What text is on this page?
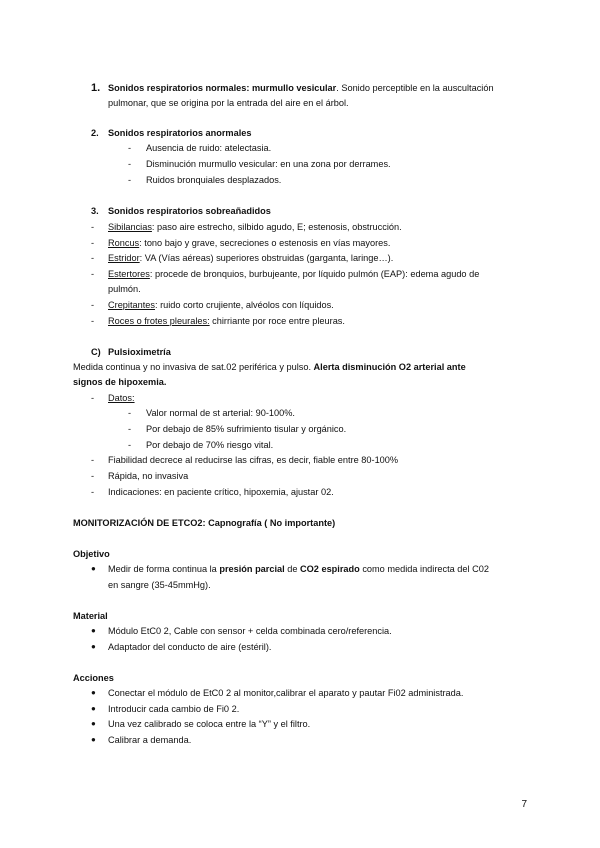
1. Sonidos respiratorios normales: murmullo vesicular. Sonido perceptible en la auscultación
pulmonar, que se origina por la entrada del aire en el árbol.
2. Sonidos respiratorios anormales
- Ausencia de ruido: atelectasia.
- Disminución murmullo vesicular: en una zona por derrames.
- Ruidos bronquiales desplazados.
3. Sonidos respiratorios sobreañadidos
- Sibilancias: paso aire estrecho, silbido agudo, E; estenosis, obstrucción.
- Roncus: tono bajo y grave, secreciones o estenosis en vías mayores.
- Estridor: VA (Vías aéreas) superiores obstruidas (garganta, laringe…).
- Estertores: procede de bronquios, burbujeante, por líquido pulmón (EAP): edema agudo de
pulmón.
- Crepitantes: ruido corto crujiente, alvéolos con líquidos.
- Roces o frotes pleurales: chirriante por roce entre pleuras.
C) Pulsioximetría
Medida continua y no invasiva de sat.02 periférica y pulso. Alerta disminución O2 arterial ante
signos de hipoxemia.
- Datos:
- Valor normal de st arterial: 90-100%.
- Por debajo de 85% sufrimiento tisular y orgánico.
- Por debajo de 70% riesgo vital.
- Fiabilidad decrece al reducirse las cifras, es decir, fiable entre 80-100%
- Rápida, no invasiva
- Indicaciones: en paciente crítico, hipoxemia, ajustar 02.
MONITORIZACIÓN DE ETCO2: Capnografía ( No importante)
Objetivo
● Medir de forma continua la presión parcial de CO2 espirado como medida indirecta del C02
en sangre (35-45mmHg).
Material
● Módulo EtC0 2, Cable con sensor + celda combinada cero/referencia.
● Adaptador del conducto de aire (estéril).
Acciones
● Conectar el módulo de EtC0 2 al monitor,calibrar el aparato y pautar Fi02 administrada.
● Introducir cada cambio de Fi0 2.
● Una vez calibrado se coloca entre la “Y” y el filtro.
● Calibrar a demanda.
7
